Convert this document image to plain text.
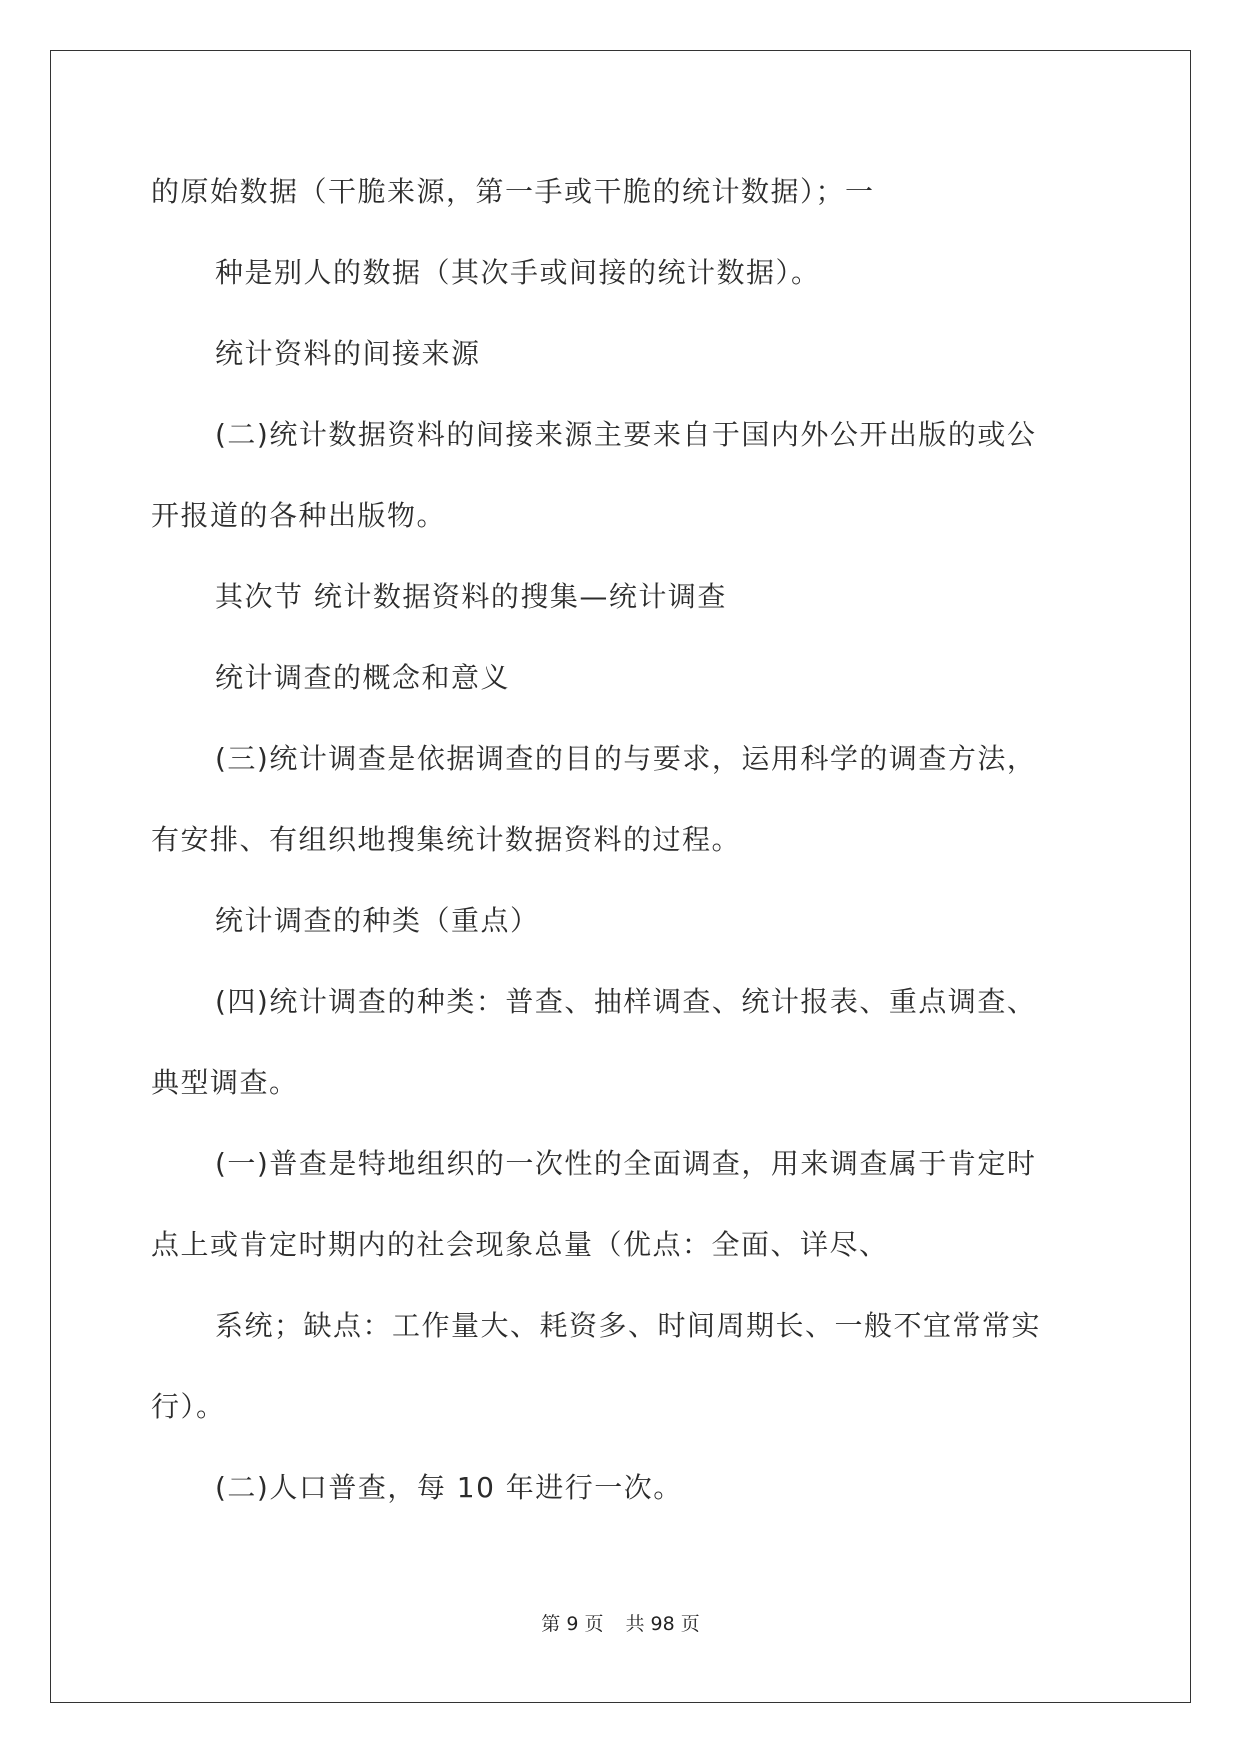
的原始数据（干脆来源，第一手或干脆的统计数据）；一
种是别人的数据（其次手或间接的统计数据）。
统计资料的间接来源
(二)统计数据资料的间接来源主要来自于国内外公开出版的或公
开报道的各种出版物。
其次节 统计数据资料的搜集—统计调查
统计调查的概念和意义
(三)统计调查是依据调查的目的与要求，运用科学的调查方法，
有安排、有组织地搜集统计数据资料的过程。
统计调查的种类（重点）
(四)统计调查的种类：普查、抽样调查、统计报表、重点调查、
典型调查。
(一)普查是特地组织的一次性的全面调查，用来调查属于肯定时
点上或肯定时期内的社会现象总量（优点：全面、详尽、
系统；缺点：工作量大、耗资多、时间周期长、一般不宜常常实
行）。
(二)人口普查，每 10 年进行一次。
第 9 页 共 98 页
